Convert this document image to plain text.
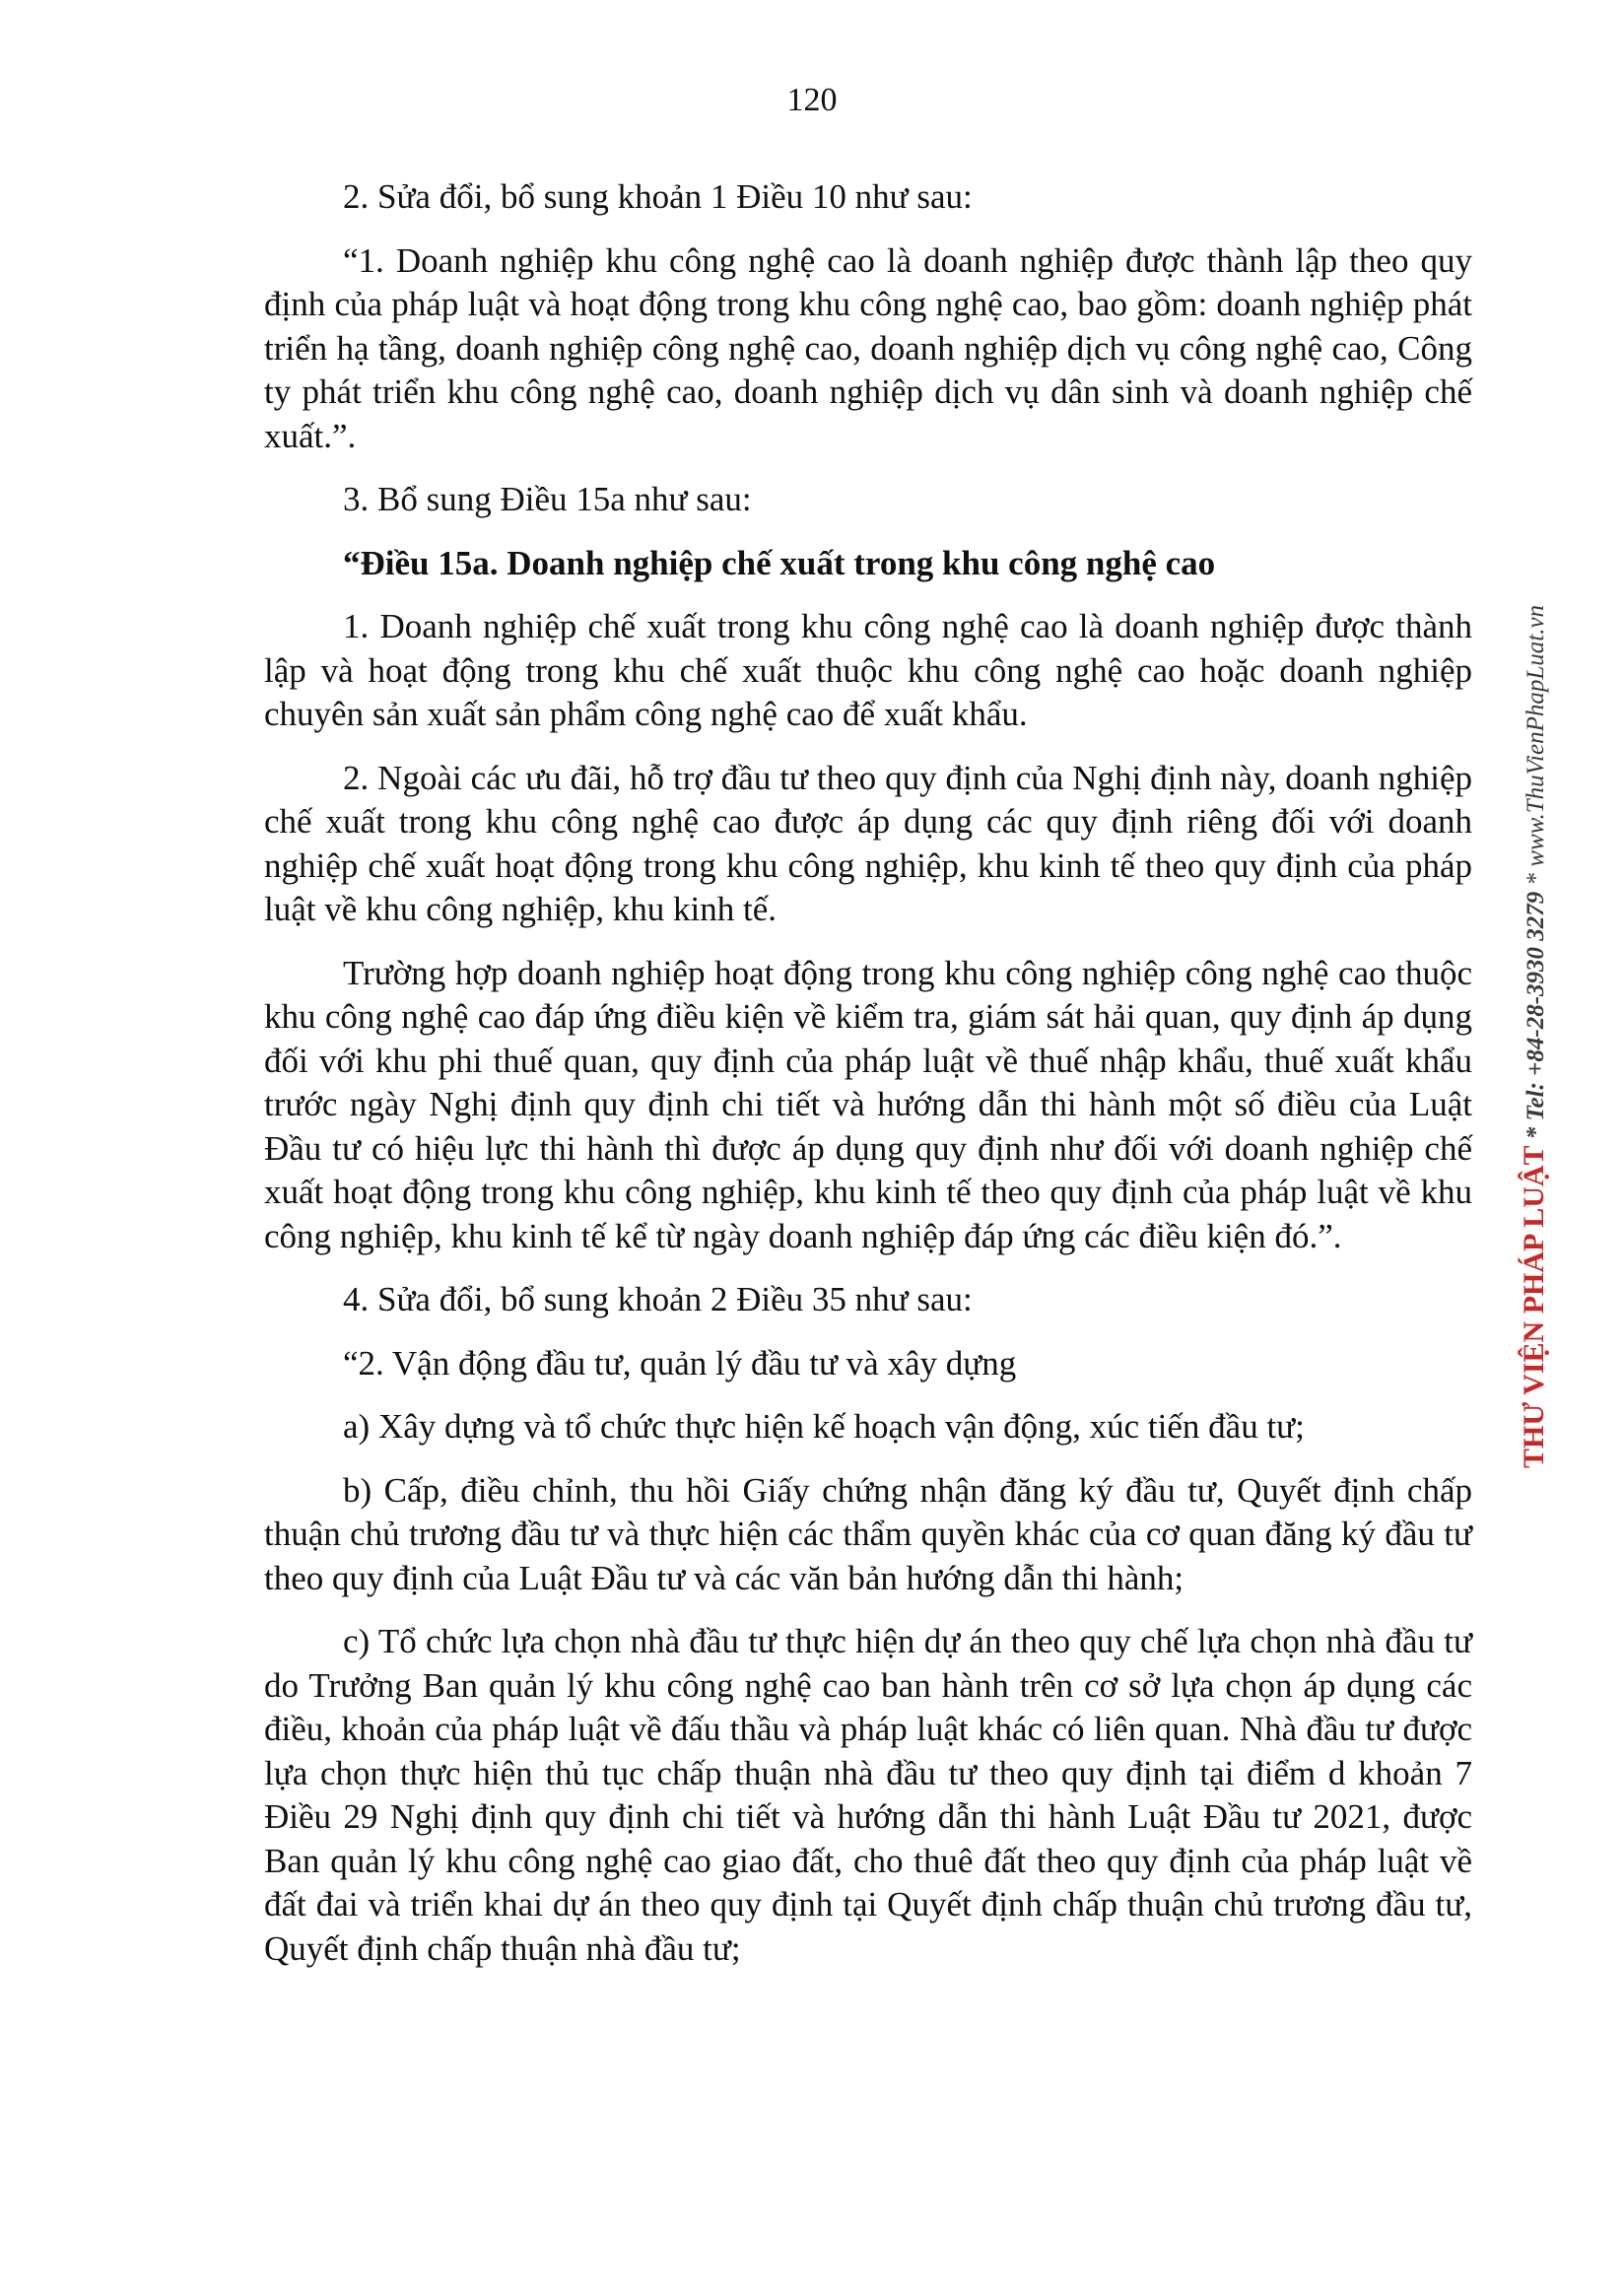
120

2. Sửa đổi, bổ sung khoản 1 Điều 10 như sau:

“1. Doanh nghiệp khu công nghệ cao là doanh nghiệp được thành lập theo quy định của pháp luật và hoạt động trong khu công nghệ cao, bao gồm: doanh nghiệp phát triển hạ tầng, doanh nghiệp công nghệ cao, doanh nghiệp dịch vụ công nghệ cao, Công ty phát triển khu công nghệ cao, doanh nghiệp dịch vụ dân sinh và doanh nghiệp chế xuất.”.

3. Bổ sung Điều 15a như sau:

“Điều 15a. Doanh nghiệp chế xuất trong khu công nghệ cao

1. Doanh nghiệp chế xuất trong khu công nghệ cao là doanh nghiệp được thành lập và hoạt động trong khu chế xuất thuộc khu công nghệ cao hoặc doanh nghiệp chuyên sản xuất sản phẩm công nghệ cao để xuất khẩu.

2. Ngoài các ưu đãi, hỗ trợ đầu tư theo quy định của Nghị định này, doanh nghiệp chế xuất trong khu công nghệ cao được áp dụng các quy định riêng đối với doanh nghiệp chế xuất hoạt động trong khu công nghiệp, khu kinh tế theo quy định của pháp luật về khu công nghiệp, khu kinh tế.

Trường hợp doanh nghiệp hoạt động trong khu công nghiệp công nghệ cao thuộc khu công nghệ cao đáp ứng điều kiện về kiểm tra, giám sát hải quan, quy định áp dụng đối với khu phi thuế quan, quy định của pháp luật về thuế nhập khẩu, thuế xuất khẩu trước ngày Nghị định quy định chi tiết và hướng dẫn thi hành một số điều của Luật Đầu tư có hiệu lực thi hành thì được áp dụng quy định như đối với doanh nghiệp chế xuất hoạt động trong khu công nghiệp, khu kinh tế theo quy định của pháp luật về khu công nghiệp, khu kinh tế kể từ ngày doanh nghiệp đáp ứng các điều kiện đó.”.

4. Sửa đổi, bổ sung khoản 2 Điều 35 như sau:

“2. Vận động đầu tư, quản lý đầu tư và xây dựng

a) Xây dựng và tổ chức thực hiện kế hoạch vận động, xúc tiến đầu tư;

b) Cấp, điều chỉnh, thu hồi Giấy chứng nhận đăng ký đầu tư, Quyết định chấp thuận chủ trương đầu tư và thực hiện các thẩm quyền khác của cơ quan đăng ký đầu tư theo quy định của Luật Đầu tư và các văn bản hướng dẫn thi hành;

c) Tổ chức lựa chọn nhà đầu tư thực hiện dự án theo quy chế lựa chọn nhà đầu tư do Trưởng Ban quản lý khu công nghệ cao ban hành trên cơ sở lựa chọn áp dụng các điều, khoản của pháp luật về đấu thầu và pháp luật khác có liên quan. Nhà đầu tư được lựa chọn thực hiện thủ tục chấp thuận nhà đầu tư theo quy định tại điểm d khoản 7 Điều 29 Nghị định quy định chi tiết và hướng dẫn thi hành Luật Đầu tư 2021, được Ban quản lý khu công nghệ cao giao đất, cho thuê đất theo quy định của pháp luật về đất đai và triển khai dự án theo quy định tại Quyết định chấp thuận chủ trương đầu tư, Quyết định chấp thuận nhà đầu tư;

THƯ VIỆN PHÁP LUẬT * Tel: +84-28-3930 3279 * www.ThuVienPhapLuat.vn
